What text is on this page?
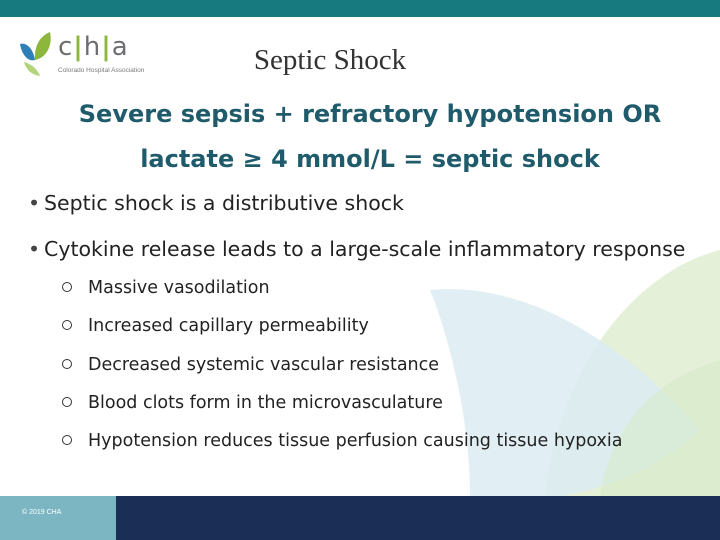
c|h|a
Colorado Hospital Association	Septic Shock
Severe sepsis + refractory hypotension OR
lactate ≥ 4 mmol/L = septic shock
• Septic shock is a distributive shock
• Cytokine release leads to a large-scale inflammatory response
Massive vasodilation
Increased capillary permeability
Decreased systemic vascular resistance
Blood clots form in the microvasculature
Hypotension reduces tissue perfusion causing tissue hypoxia
© 2019 CHA
